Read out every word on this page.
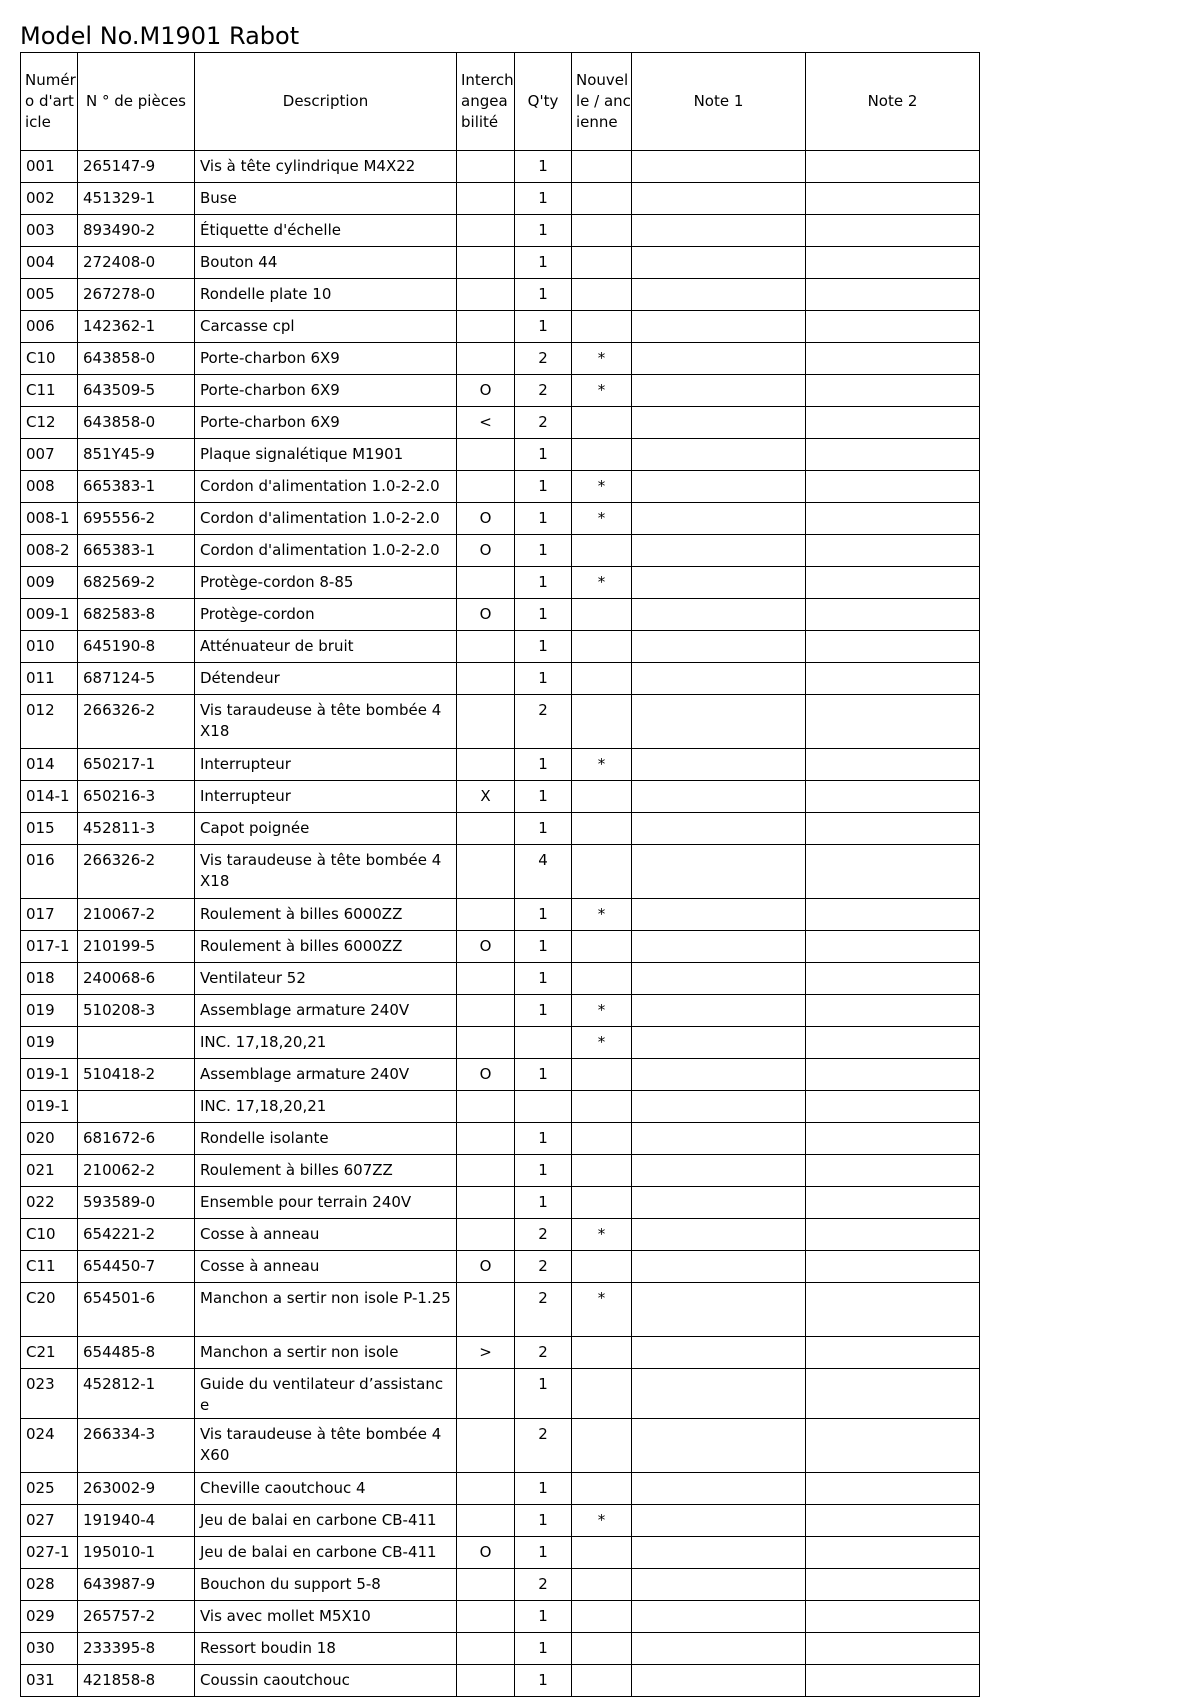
Model No.M1901 Rabot
Numéro d'article	N ° de pièces	Description	Interchangeabilité	Q'ty	Nouvelle / ancienne	Note 1	Note 2
001	265147-9	Vis à tête cylindrique M4X22		1			
002	451329-1	Buse		1			
003	893490-2	Étiquette d'échelle		1			
004	272408-0	Bouton 44		1			
005	267278-0	Rondelle plate 10		1			
006	142362-1	Carcasse cpl		1			
C10	643858-0	Porte-charbon 6X9		2	*		
C11	643509-5	Porte-charbon 6X9	O	2	*		
C12	643858-0	Porte-charbon 6X9	<	2			
007	851Y45-9	Plaque signalétique M1901		1			
008	665383-1	Cordon d'alimentation 1.0-2-2.0		1	*		
008-1	695556-2	Cordon d'alimentation 1.0-2-2.0	O	1	*		
008-2	665383-1	Cordon d'alimentation 1.0-2-2.0	O	1			
009	682569-2	Protège-cordon 8-85		1	*		
009-1	682583-8	Protège-cordon	O	1			
010	645190-8	Atténuateur de bruit		1			
011	687124-5	Détendeur		1			
012	266326-2	Vis taraudeuse à tête bombée 4X18		2			
014	650217-1	Interrupteur		1	*		
014-1	650216-3	Interrupteur	X	1			
015	452811-3	Capot poignée		1			
016	266326-2	Vis taraudeuse à tête bombée 4X18		4			
017	210067-2	Roulement à billes 6000ZZ		1	*		
017-1	210199-5	Roulement à billes 6000ZZ	O	1			
018	240068-6	Ventilateur 52		1			
019	510208-3	Assemblage armature 240V		1	*		
019		INC. 17,18,20,21			*		
019-1	510418-2	Assemblage armature 240V	O	1			
019-1		INC. 17,18,20,21					
020	681672-6	Rondelle isolante		1			
021	210062-2	Roulement à billes 607ZZ		1			
022	593589-0	Ensemble pour terrain 240V		1			
C10	654221-2	Cosse à anneau		2	*		
C11	654450-7	Cosse à anneau	O	2			
C20	654501-6	Manchon a sertir non isole P-1.25		2	*		
C21	654485-8	Manchon a sertir non isole	>	2			
023	452812-1	Guide du ventilateur d’assistance		1			
024	266334-3	Vis taraudeuse à tête bombée 4X60		2			
025	263002-9	Cheville caoutchouc 4		1			
027	191940-4	Jeu de balai en carbone CB-411		1	*		
027-1	195010-1	Jeu de balai en carbone CB-411	O	1			
028	643987-9	Bouchon du support 5-8		2			
029	265757-2	Vis avec mollet M5X10		1			
030	233395-8	Ressort boudin 18		1			
031	421858-8	Coussin caoutchouc		1			
